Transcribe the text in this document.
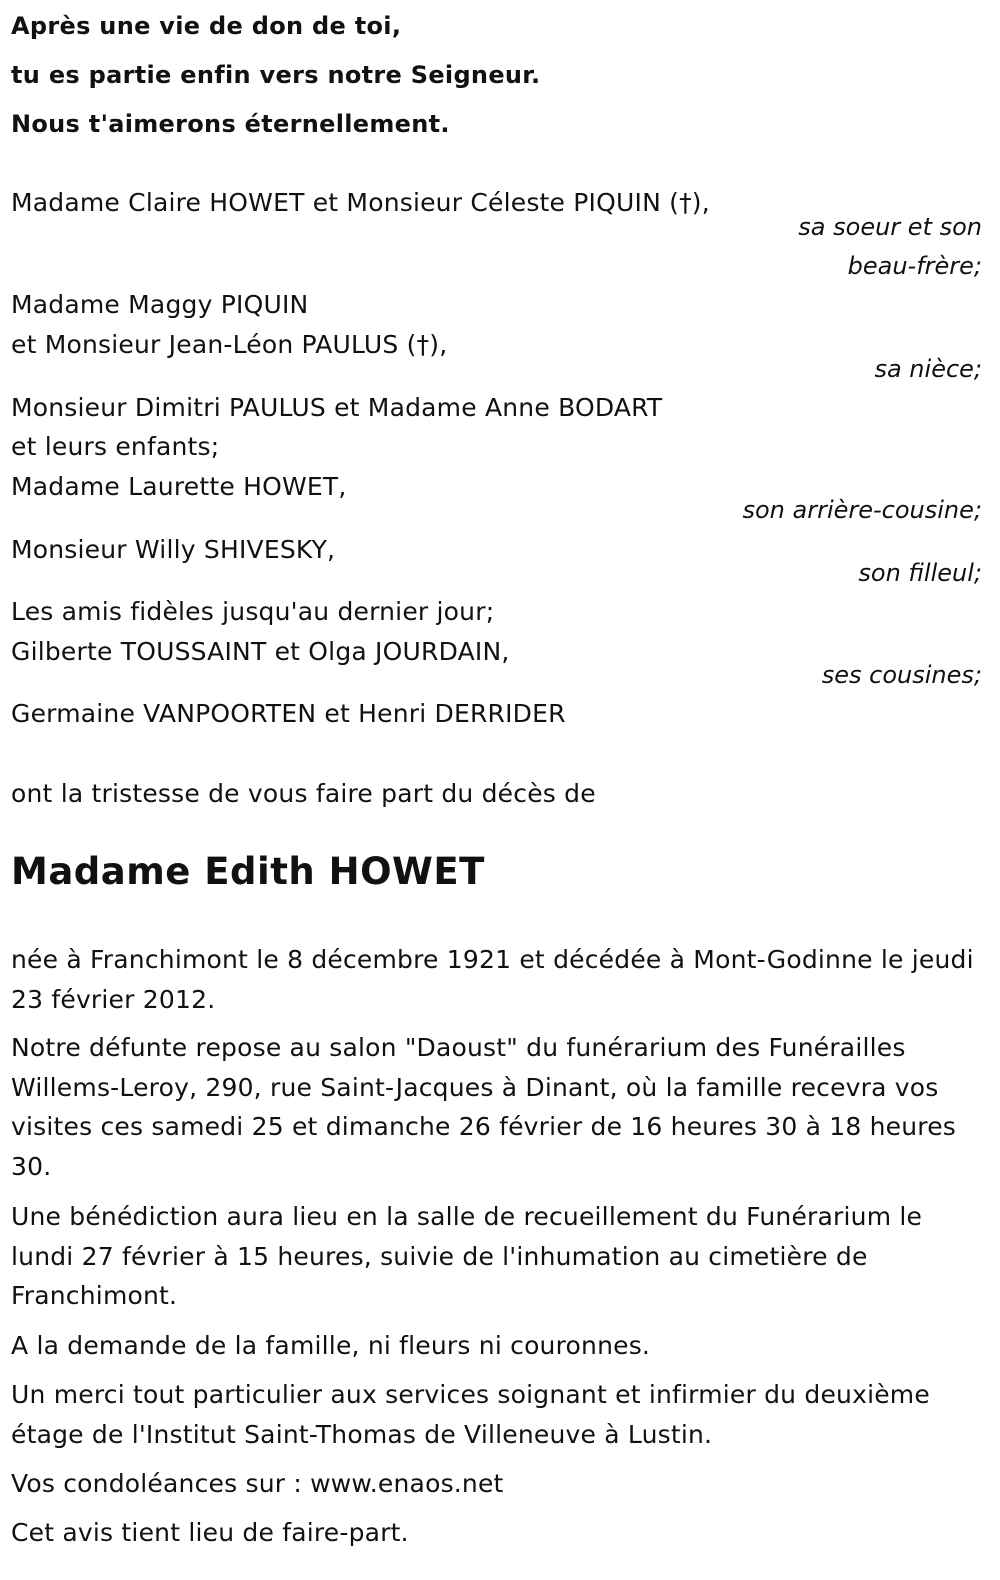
Après une vie de don de toi,
tu es partie enfin vers notre Seigneur.
Nous t'aimerons éternellement.
Madame Claire HOWET et Monsieur Céleste PIQUIN (†),
sa soeur et son
beau-frère;
Madame Maggy PIQUIN
et Monsieur Jean-Léon PAULUS (†),
sa nièce;
Monsieur Dimitri PAULUS et Madame Anne BODART
et leurs enfants;
Madame Laurette HOWET,
son arrière-cousine;
Monsieur Willy SHIVESKY,
son filleul;
Les amis fidèles jusqu'au dernier jour;
Gilberte TOUSSAINT et Olga JOURDAIN,
ses cousines;
Germaine VANPOORTEN et Henri DERRIDER
ont la tristesse de vous faire part du décès de
Madame Edith HOWET
née à Franchimont le 8 décembre 1921 et décédée à Mont-Godinne le jeudi 23 février 2012.
Notre défunte repose au salon "Daoust" du funérarium des Funérailles Willems-Leroy, 290, rue Saint-Jacques à Dinant, où la famille recevra vos visites ces samedi 25 et dimanche 26 février de 16 heures 30 à 18 heures 30.
Une bénédiction aura lieu en la salle de recueillement du Funérarium le lundi 27 février à 15 heures, suivie de l'inhumation au cimetière de Franchimont.
A la demande de la famille, ni fleurs ni couronnes.
Un merci tout particulier aux services soignant et infirmier du deuxième étage de l'Institut Saint-Thomas de Villeneuve à Lustin.
Vos condoléances sur : www.enaos.net
Cet avis tient lieu de faire-part.
